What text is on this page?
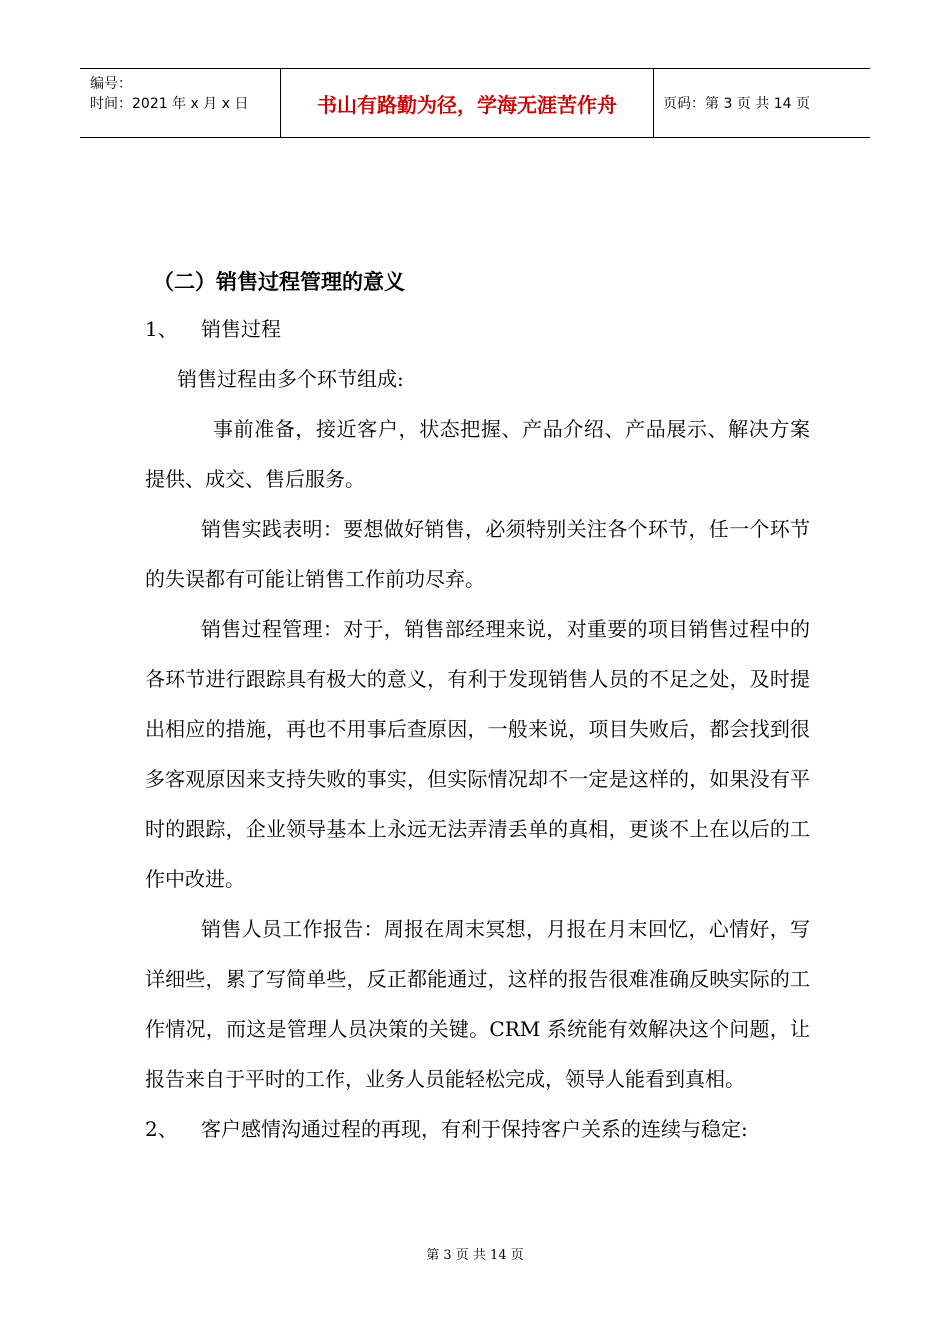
编号：
时间：2021 年 x 月 x 日	书山有路勤为径，学海无涯苦作舟	页码：第 3 页 共 14 页
（二）销售过程管理的意义
1、 销售过程

销售过程由多个环节组成:

事前准备，接近客户，状态把握、产品介绍、产品展示、解决方案提供、成交、售后服务。

销售实践表明：要想做好销售，必须特别关注各个环节，任一个环节的失误都有可能让销售工作前功尽弃。

销售过程管理：对于，销售部经理来说，对重要的项目销售过程中的各环节进行跟踪具有极大的意义，有利于发现销售人员的不足之处，及时提出相应的措施，再也不用事后查原因，一般来说，项目失败后，都会找到很多客观原因来支持失败的事实，但实际情况却不一定是这样的，如果没有平时的跟踪，企业领导基本上永远无法弄清丢单的真相，更谈不上在以后的工作中改进。

销售人员工作报告：周报在周末冥想，月报在月末回忆，心情好，写详细些，累了写简单些，反正都能通过，这样的报告很难准确反映实际的工作情况，而这是管理人员决策的关键。CRM 系统能有效解决这个问题，让报告来自于平时的工作，业务人员能轻松完成，领导人能看到真相。

2、 客户感情沟通过程的再现，有利于保持客户关系的连续与稳定:
第 3 页 共 14 页
